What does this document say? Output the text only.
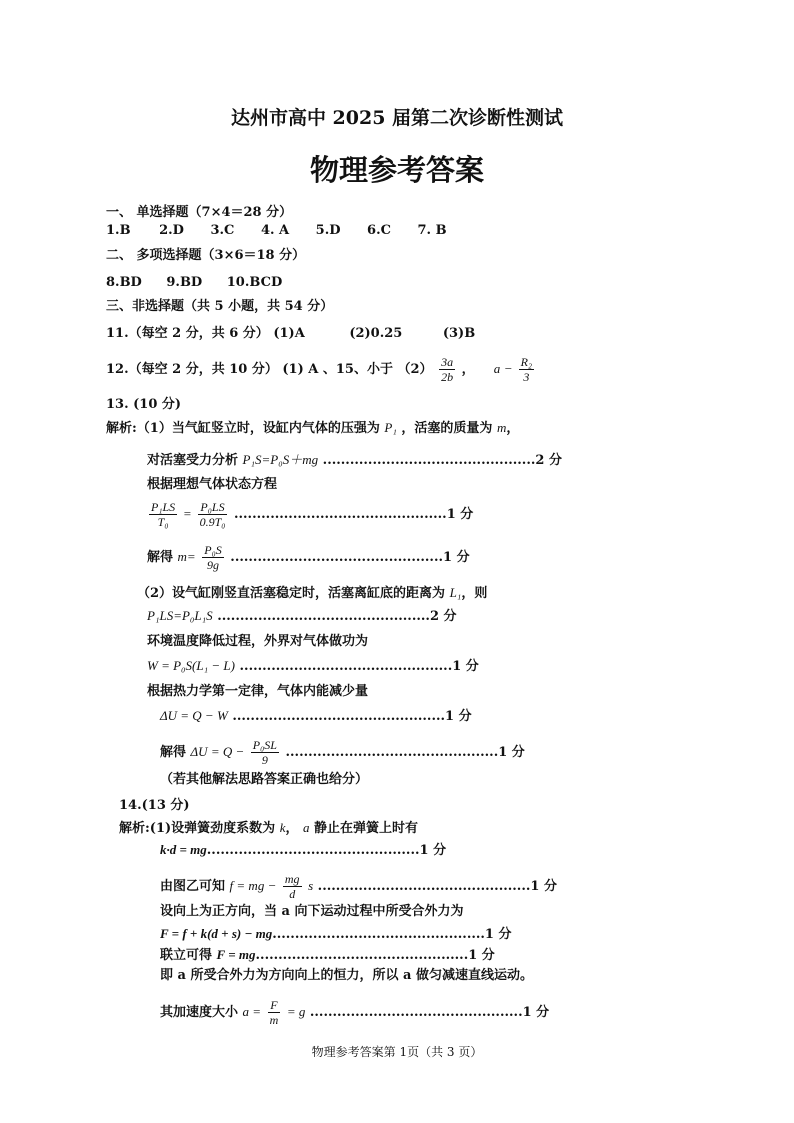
达州市高中 2025 届第二次诊断性测试
物理参考答案
一、 单选择题（7×4＝28 分）
1.B 2.D 3.C 4. A 5.D 6.C 7. B
二、 多项选择题（3×6＝18 分）
8.BD 9.BD 10.BCD
三、非选择题（共 5 小题，共 54 分）
11.（每空 2 分，共 6 分） (1)A	(2)0.25	(3)B
12.（每空 2 分，共 10 分） (1) A 、15、小于 $(2) \frac{3a}{2b}$ ， $a - \frac{\text{R₂}}{3}$
13. (10 分)
解析:（1）当气缸竖立时，设缸内气体的压强为 P₁ ，活塞的质量为 m，
对活塞受力分析 P₁S=P₀S＋mg ...............................................2 分
根据理想气体状态方程
$\frac{\text{P₁LS}}{\text{T₀}} = \frac{\text{P₀LS}}{\text{0.9T₀}} ...............................................1$ 分
解得 $m= \frac{\text{P₀S}}{9g} ...............................................1$ 分
（2）设气缸刚竖直活塞稳定时，活塞离缸底的距离为 L₁，则
P₁LS=P₀L₁S ...............................................2 分
环境温度降低过程，外界对气体做功为
W = P₀S(L₁ − L) ...............................................1 分
根据热力学第一定律，气体内能减少量
ΔU = Q − W ...............................................1 分
解得 $\Delta U = Q - \frac{\text{P₀SL}}{9} ...............................................1$ 分
（若其他解法思路答案正确也给分）
14.(13 分)
解析:(1)设弹簧劲度系数为 k， a 静止在弹簧上时有
k·d = mg...............................................1 分
由图乙可知 f = mg − $\frac{mg}{d}$ s ...............................................1 分
设向上为正方向，当 a 向下运动过程中所受合外力为
F = f + k(d + s) − mg...............................................1 分
联立可得 F = mg...............................................1 分
即 a 所受合外力为方向向上的恒力，所以 a 做匀减速直线运动。
其加速度大小 $a = \frac{F}{m} = g$ ...............................................1 分
物理参考答案第 1页（共 3 页）
